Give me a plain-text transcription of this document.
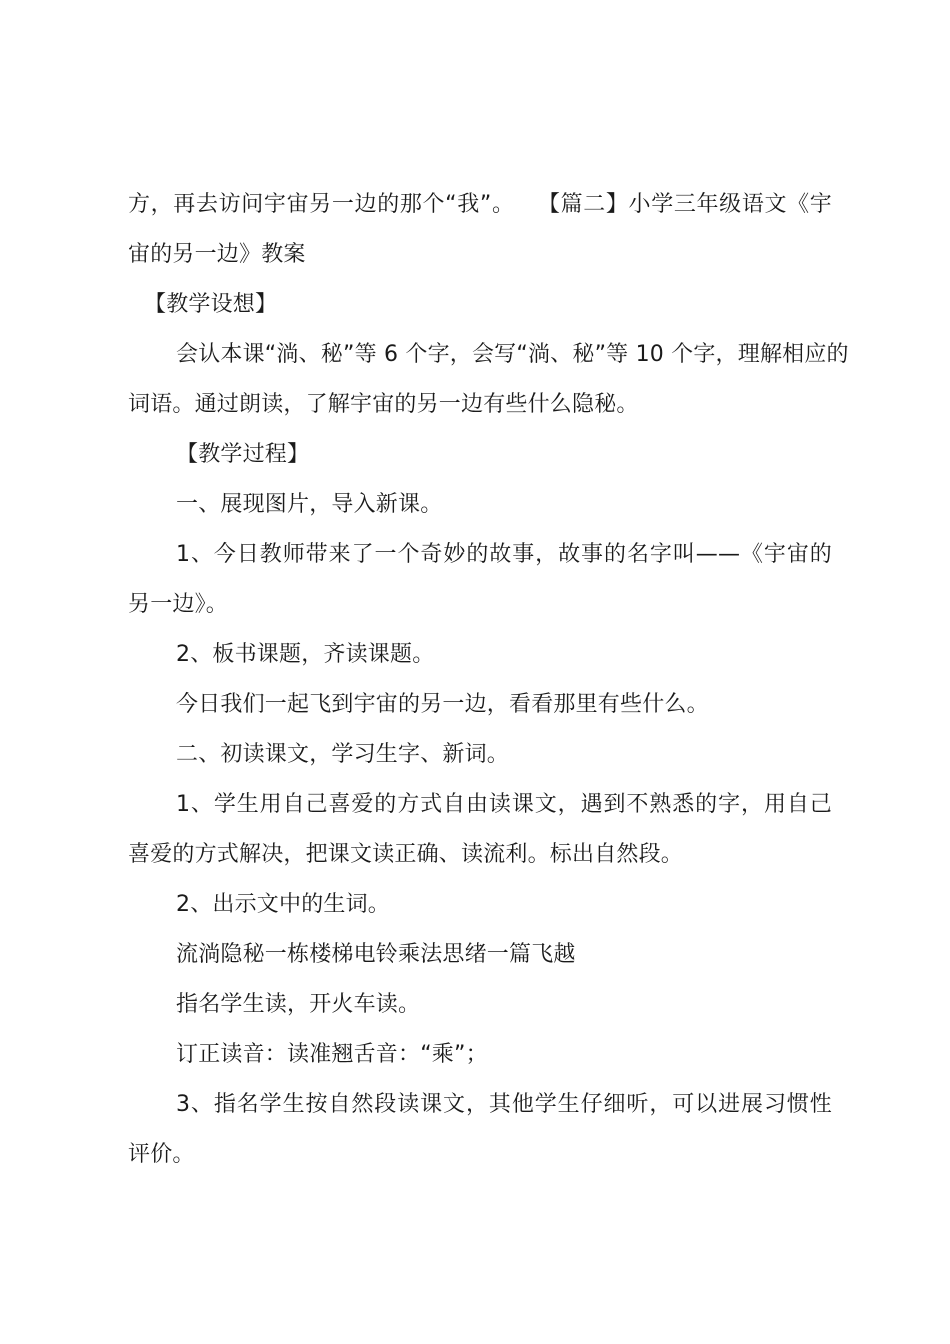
方，再去访问宇宙另一边的那个“我”。　　【篇二】小学三年级语文《宇
宙的另一边》教案
【教学设想】
会认本课“淌、秘”等 6 个字，会写“淌、秘”等 10 个字，理解相应的
词语。通过朗读，了解宇宙的另一边有些什么隐秘。
【教学过程】
一、展现图片，导入新课。
1、今日教师带来了一个奇妙的故事，故事的名字叫——《宇宙的
另一边》。
2、板书课题，齐读课题。
今日我们一起飞到宇宙的另一边，看看那里有些什么。
二、初读课文，学习生字、新词。
1、学生用自己喜爱的方式自由读课文，遇到不熟悉的字，用自己
喜爱的方式解决，把课文读正确、读流利。标出自然段。
2、出示文中的生词。
流淌隐秘一栋楼梯电铃乘法思绪一篇飞越
指名学生读，开火车读。
订正读音：读准翘舌音：“乘”；
3、指名学生按自然段读课文，其他学生仔细听，可以进展习惯性
评价。
